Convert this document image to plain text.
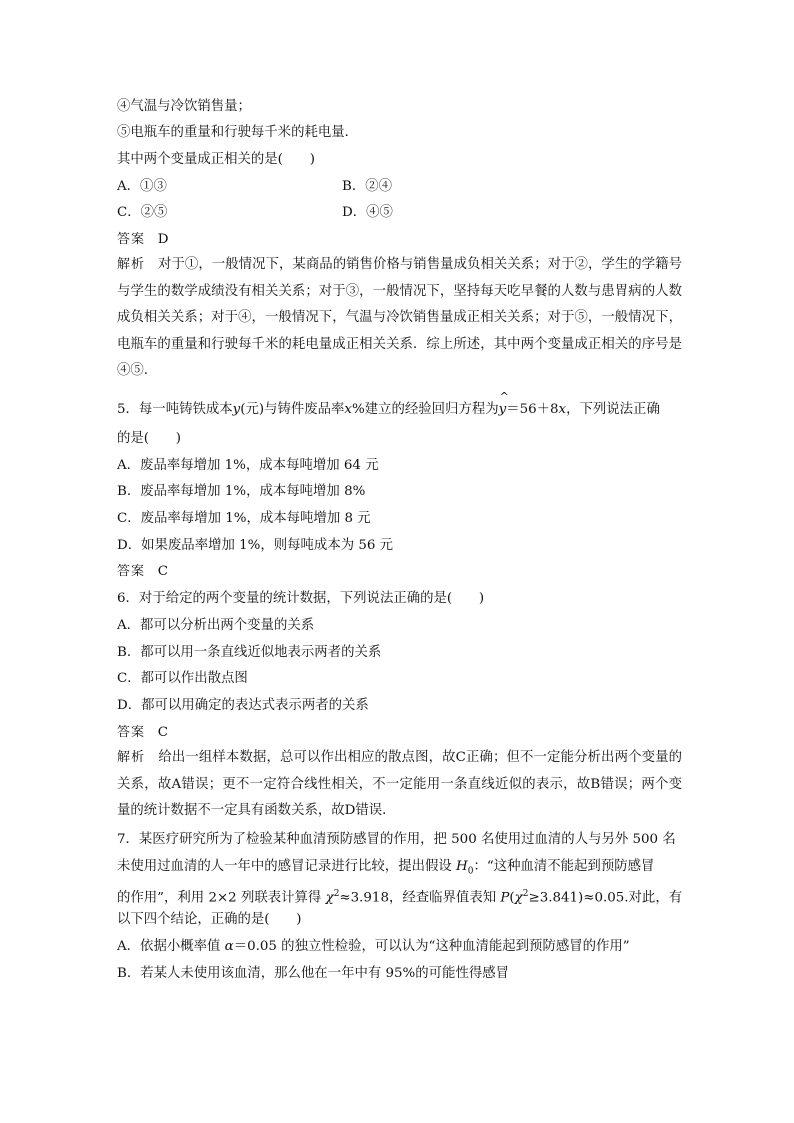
④气温与冷饮销售量；
⑤电瓶车的重量和行驶每千米的耗电量．
其中两个变量成正相关的是(　　)
A．①③	B．②④
C．②⑤	D．④⑤
答案 D
解析 对于①，一般情况下，某商品的销售价格与销售量成负相关关系；对于②，学生的学籍号与学生的数学成绩没有相关关系；对于③，一般情况下，坚持每天吃早餐的人数与患胃病的人数成负相关关系；对于④，一般情况下，气温与冷饮销售量成正相关关系；对于⑤，一般情况下，电瓶车的重量和行驶每千米的耗电量成正相关关系．综上所述，其中两个变量成正相关的序号是④⑤.
5．每一吨铸铁成本y(元)与铸件废品率x%建立的经验回归方程为^ y＝56＋8x，下列说法正确
的是(　　)
A．废品率每增加 1%，成本每吨增加 64 元
B．废品率每增加 1%，成本每吨增加 8%
C．废品率每增加 1%，成本每吨增加 8 元
D．如果废品率增加 1%，则每吨成本为 56 元
答案 C
6．对于给定的两个变量的统计数据，下列说法正确的是(　　)
A．都可以分析出两个变量的关系
B．都可以用一条直线近似地表示两者的关系
C．都可以作出散点图
D．都可以用确定的表达式表示两者的关系
答案 C
解析 给出一组样本数据，总可以作出相应的散点图，故C正确；但不一定能分析出两个变量的关系，故A错误；更不一定符合线性相关，不一定能用一条直线近似的表示，故B错误；两个变量的统计数据不一定具有函数关系，故D错误．
7．某医疗研究所为了检验某种血清预防感冒的作用，把 500 名使用过血清的人与另外 500 名
未使用过血清的人一年中的感冒记录进行比较，提出假设 $H_0$：“这种血清不能起到预防感冒
的作用”，利用 2×2 列联表计算得 $\chi^2\approx 3.918$，经查临界值表知 $P(\chi^2\ge 3.841)\approx 0.05$.对此，有
以下四个结论，正确的是(　　)
A．依据小概率值 α＝0.05 的独立性检验，可以认为“这种血清能起到预防感冒的作用”
B．若某人未使用该血清，那么他在一年中有 95%的可能性得感冒
